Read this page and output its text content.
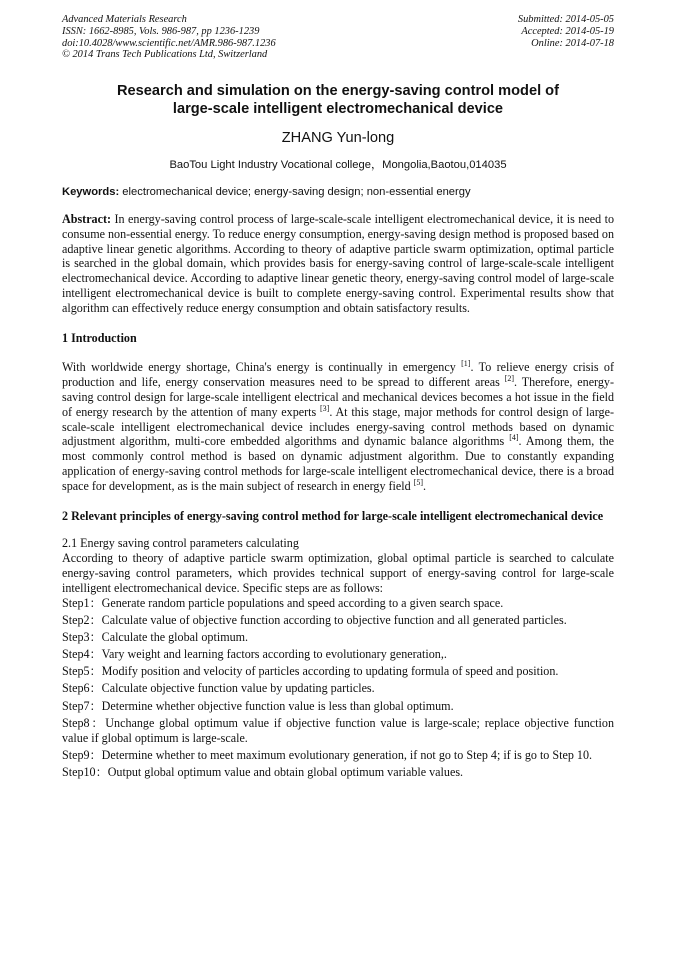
Advanced Materials Research
ISSN: 1662-8985, Vols. 986-987, pp 1236-1239
doi:10.4028/www.scientific.net/AMR.986-987.1236
© 2014 Trans Tech Publications Ltd, Switzerland
Submitted: 2014-05-05
Accepted: 2014-05-19
Online: 2014-07-18
Research and simulation on the energy-saving control model of
large-scale intelligent electromechanical device
ZHANG Yun-long
BaoTou Light Industry Vocational college，Mongolia,Baotou,014035
Keywords: electromechanical device; energy-saving design; non-essential energy

Abstract: In energy-saving control process of large-scale-scale intelligent electromechanical device, it is need to consume non-essential energy. To reduce energy consumption, energy-saving design method is proposed based on adaptive linear genetic algorithms. According to theory of adaptive particle swarm optimization, optimal particle is searched in the global domain, which provides basis for energy-saving control of large-scale-scale intelligent electromechanical device. According to adaptive linear genetic theory, energy-saving control model of large-scale intelligent electromechanical device is built to complete energy-saving control. Experimental results show that algorithm can effectively reduce energy consumption and obtain satisfactory results.

1 Introduction

With worldwide energy shortage, China's energy is continually in emergency [1]. To relieve energy crisis of production and life, energy conservation measures need to be spread to different areas [2]. Therefore, energy-saving control design for large-scale intelligent electrical and mechanical devices becomes a hot issue in the field of energy research by the attention of many experts [3]. At this stage, major methods for control design of large-scale-scale intelligent electromechanical device includes energy-saving control methods based on dynamic adjustment algorithm, multi-core embedded algorithms and dynamic balance algorithms [4]. Among them, the most commonly control method is based on dynamic adjustment algorithm. Due to constantly expanding application of energy-saving control methods for large-scale intelligent electromechanical device, there is a broad space for development, as is the main subject of research in energy field [5].

2 Relevant principles of energy-saving control method for large-scale intelligent electromechanical device

2.1 Energy saving control parameters calculating

According to theory of adaptive particle swarm optimization, global optimal particle is searched to calculate energy-saving control parameters, which provides technical support of energy-saving control for large-scale intelligent electromechanical device. Specific steps are as follows:

Step1：Generate random particle populations and speed according to a given search space.
Step2：Calculate value of objective function according to objective function and all generated particles.
Step3：Calculate the global optimum.
Step4：Vary weight and learning factors according to evolutionary generation,.
Step5：Modify position and velocity of particles according to updating formula of speed and position.
Step6：Calculate objective function value by updating particles.
Step7：Determine whether objective function value is less than global optimum.
Step8：Unchange global optimum value if objective function value is large-scale; replace objective function value if global optimum is large-scale.
Step9：Determine whether to meet maximum evolutionary generation, if not go to Step 4; if is go to Step 10.
Step10：Output global optimum value and obtain global optimum variable values.
